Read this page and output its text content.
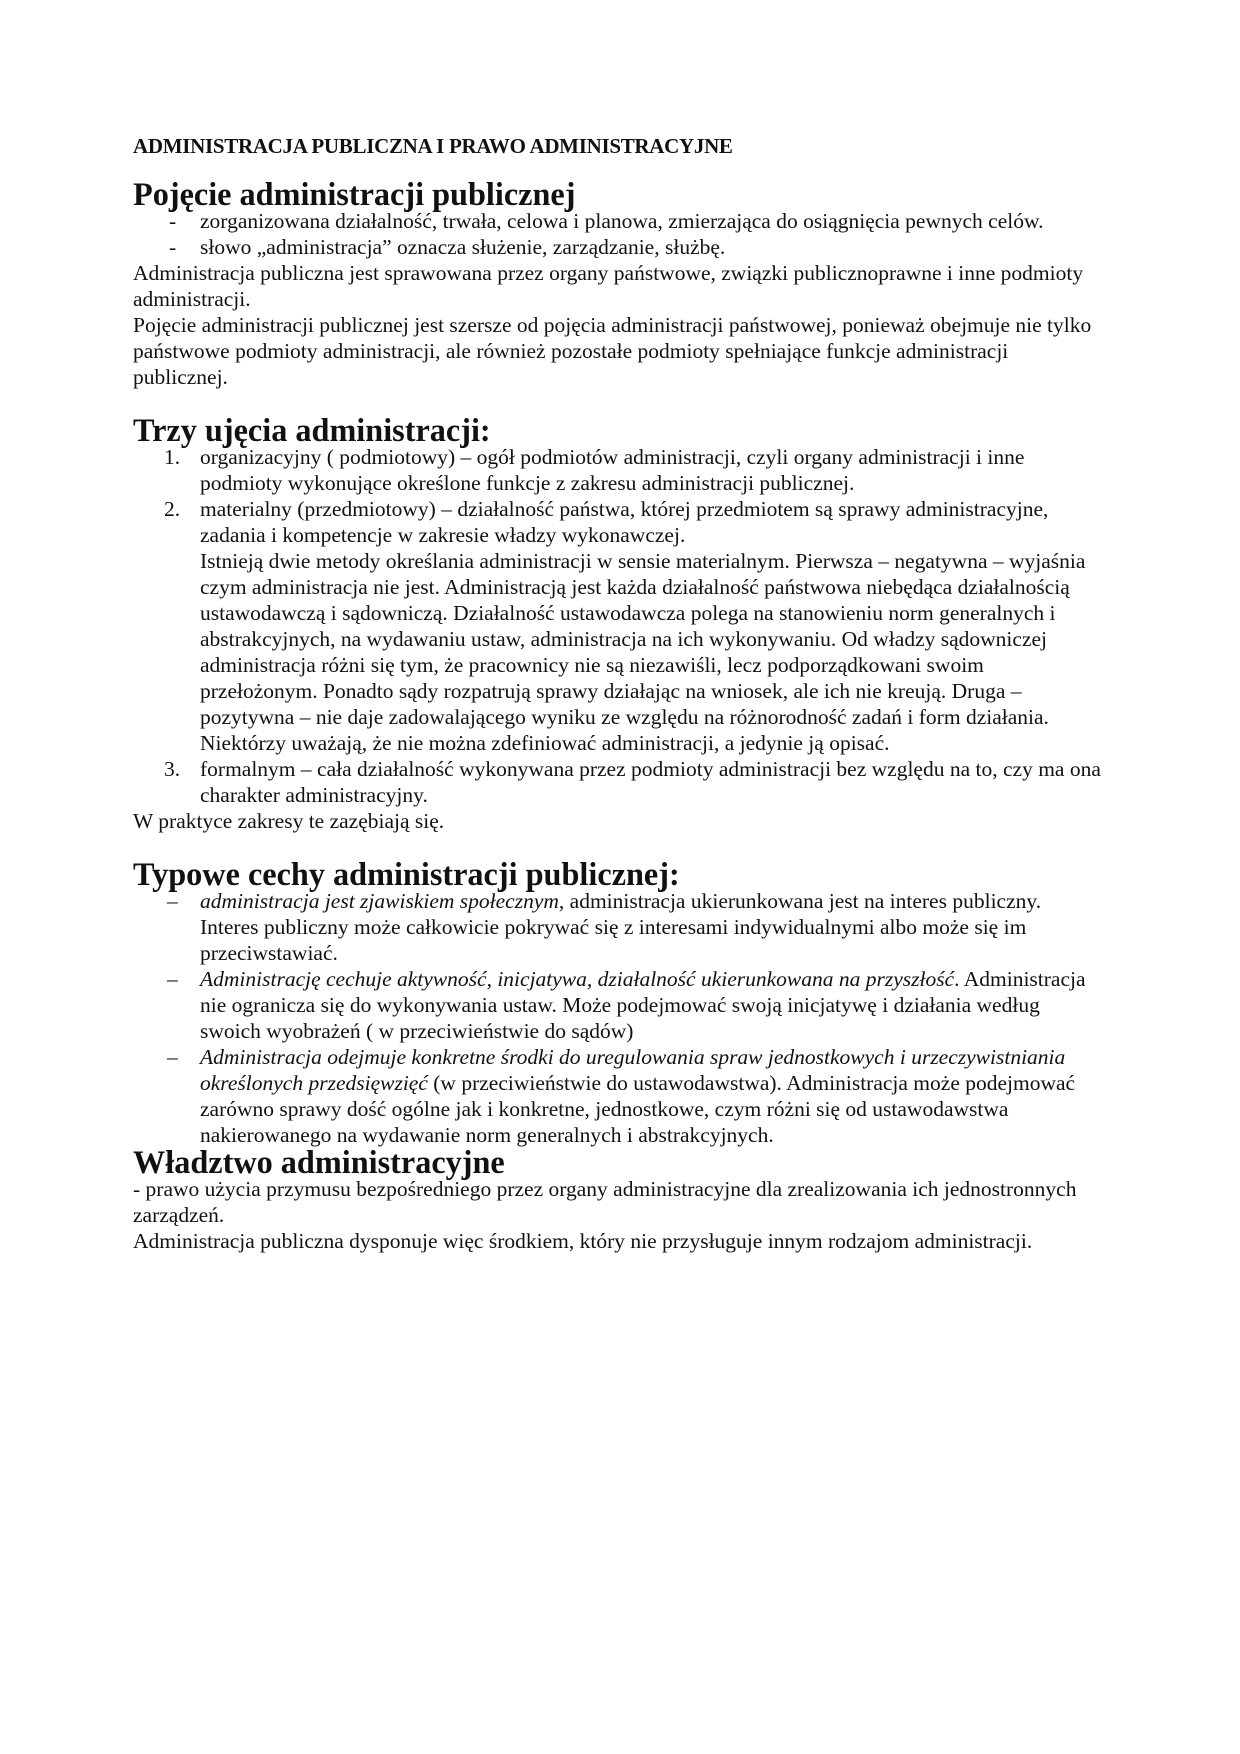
ADMINISTRACJA PUBLICZNA I PRAWO ADMINISTRACYJNE
Pojęcie administracji publicznej
- zorganizowana działalność, trwała, celowa i planowa, zmierzająca do osiągnięcia pewnych celów.
- słowo „administracja” oznacza służenie, zarządzanie, służbę.

Administracja publiczna jest sprawowana przez organy państwowe, związki publicznoprawne i inne podmioty administracji.

Pojęcie administracji publicznej jest szersze od pojęcia administracji państwowej, ponieważ obejmuje nie tylko państwowe podmioty administracji, ale również pozostałe podmioty spełniające funkcje administracji publicznej.

Trzy ujęcia administracji:
1. organizacyjny ( podmiotowy) – ogół podmiotów administracji, czyli organy administracji i inne podmioty wykonujące określone funkcje z zakresu administracji publicznej.
2. materialny (przedmiotowy) – działalność państwa, której przedmiotem są sprawy administracyjne, zadania i kompetencje w zakresie władzy wykonawczej.
Istnieją dwie metody określania administracji w sensie materialnym. Pierwsza – negatywna – wyjaśnia czym administracja nie jest. Administracją jest każda działalność państwowa niebędąca działalnością ustawodawczą i sądowniczą. Działalność ustawodawcza polega na stanowieniu norm generalnych i abstrakcyjnych, na wydawaniu ustaw, administracja na ich wykonywaniu. Od władzy sądowniczej administracja różni się tym, że pracownicy nie są niezawiśli, lecz podporządkowani swoim przełożonym. Ponadto sądy rozpatrują sprawy działając na wniosek, ale ich nie kreują. Druga – pozytywna – nie daje zadowalającego wyniku ze względu na różnorodność zadań i form działania. Niektórzy uważają, że nie można zdefiniować administracji, a jedynie ją opisać.
3. formalnym – cała działalność wykonywana przez podmioty administracji bez względu na to, czy ma ona charakter administracyjny.

W praktyce zakresy te zazębiają się.

Typowe cechy administracji publicznej:
– administracja jest zjawiskiem społecznym, administracja ukierunkowana jest na interes publiczny. Interes publiczny może całkowicie pokrywać się z interesami indywidualnymi albo może się im przeciwstawiać.
– Administrację cechuje aktywność, inicjatywa, działalność ukierunkowana na przyszłość. Administracja nie ogranicza się do wykonywania ustaw. Może podejmować swoją inicjatywę i działania według swoich wyobrażeń ( w przeciwieństwie do sądów)
– Administracja odejmuje konkretne środki do uregulowania spraw jednostkowych i urzeczywistniania określonych przedsięwzięć (w przeciwieństwie do ustawodawstwa). Administracja może podejmować zarówno sprawy dość ogólne jak i konkretne, jednostkowe, czym różni się od ustawodawstwa nakierowanego na wydawanie norm generalnych i abstrakcyjnych.
Władztwo administracyjne

- prawo użycia przymusu bezpośredniego przez organy administracyjne dla zrealizowania ich jednostronnych zarządzeń.

Administracja publiczna dysponuje więc środkiem, który nie przysługuje innym rodzajom administracji.
